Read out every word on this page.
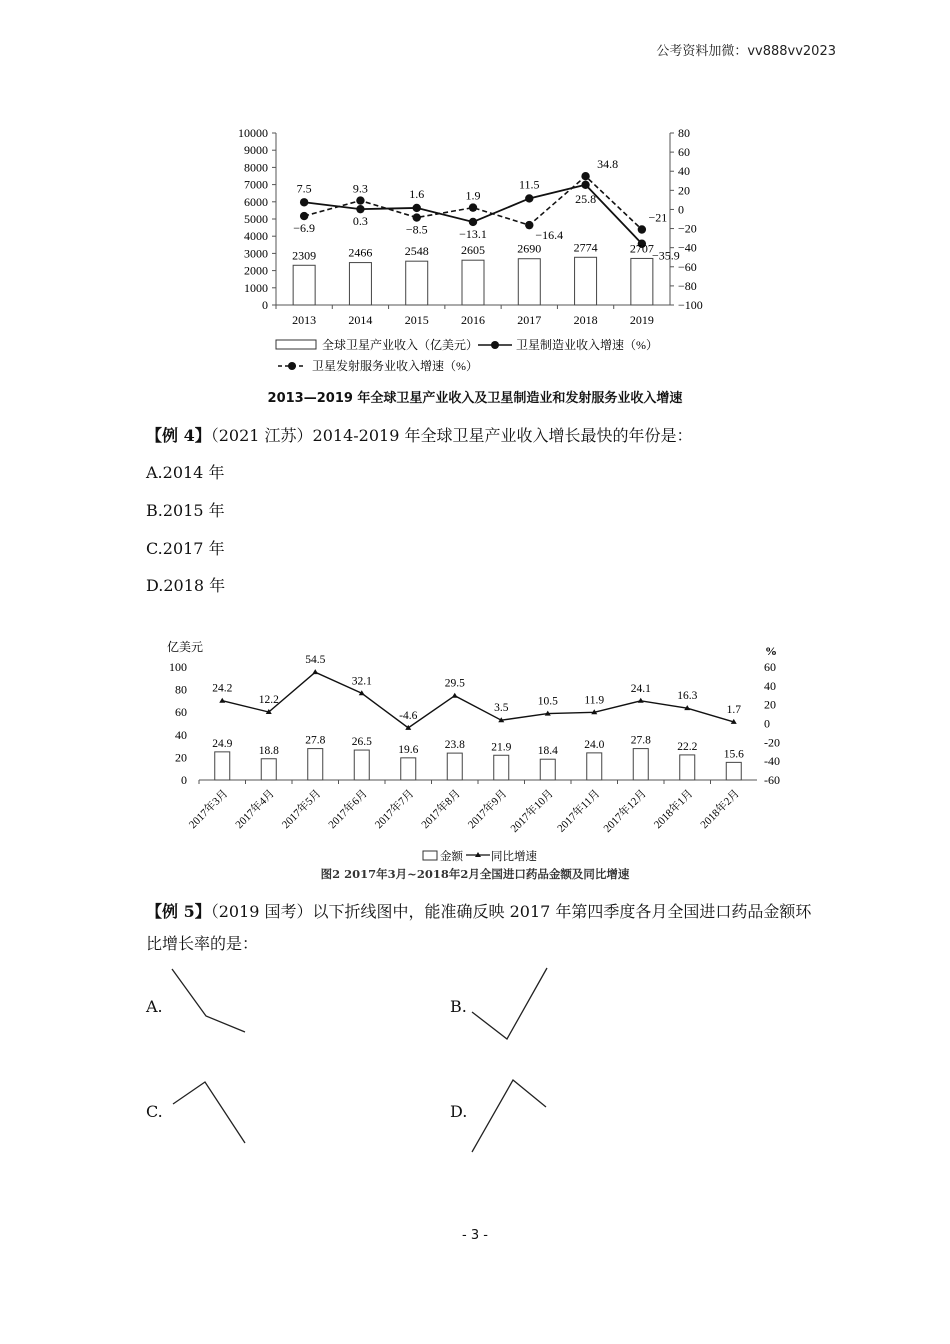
公考资料加微：vv888vv2023
10000
9000
8000
7000
6000
5000
4000
3000
2000
1000
0
80
60
40
20
0
−20
−40
−60
−80
−100
2013	2014	2015	2016	2017	2018	2019
2309	2466	2548	2605	2690	2774	2707
7.5
0.3
1.6
−13.1
11.5
25.8
−35.9
−6.9
9.3
−8.5
1.9
−16.4
34.8
−21
全球卫星产业收入（亿美元）	卫星制造业收入增速（%）
卫星发射服务业收入增速（%）
2013—2019 年全球卫星产业收入及卫星制造业和发射服务业收入增速
【例 4】（2021 江苏）2014-2019 年全球卫星产业收入增长最快的年份是：
A.2014 年
B.2015 年
C.2017 年
D.2018 年
100
80
60
40
20
0
60
40
20
0
-20
-40
-60
2017年3月 2017年4月 2017年5月 2017年6月 2017年7月 2017年8月 2017年9月 2017年10月 2017年11月 2017年12月 2018年1月 2018年2月
24.9
18.8
27.8 26.5
19.6 23.8 21.9 18.4
24.0 27.8
22.2
15.6
24.2
12.2
54.5
32.1
-4.6
29.5
3.5
10.5 11.9
24.1
16.3
1.7
亿美元	%
金额 同比增速
图2 2017年3月~2018年2月全国进口药品金额及同比增速
【例 5】（2019 国考）以下折线图中，能准确反映 2017 年第四季度各月全国进口药品金额环比增长率的是：
A.	B.
C.	D.
- 3 -
